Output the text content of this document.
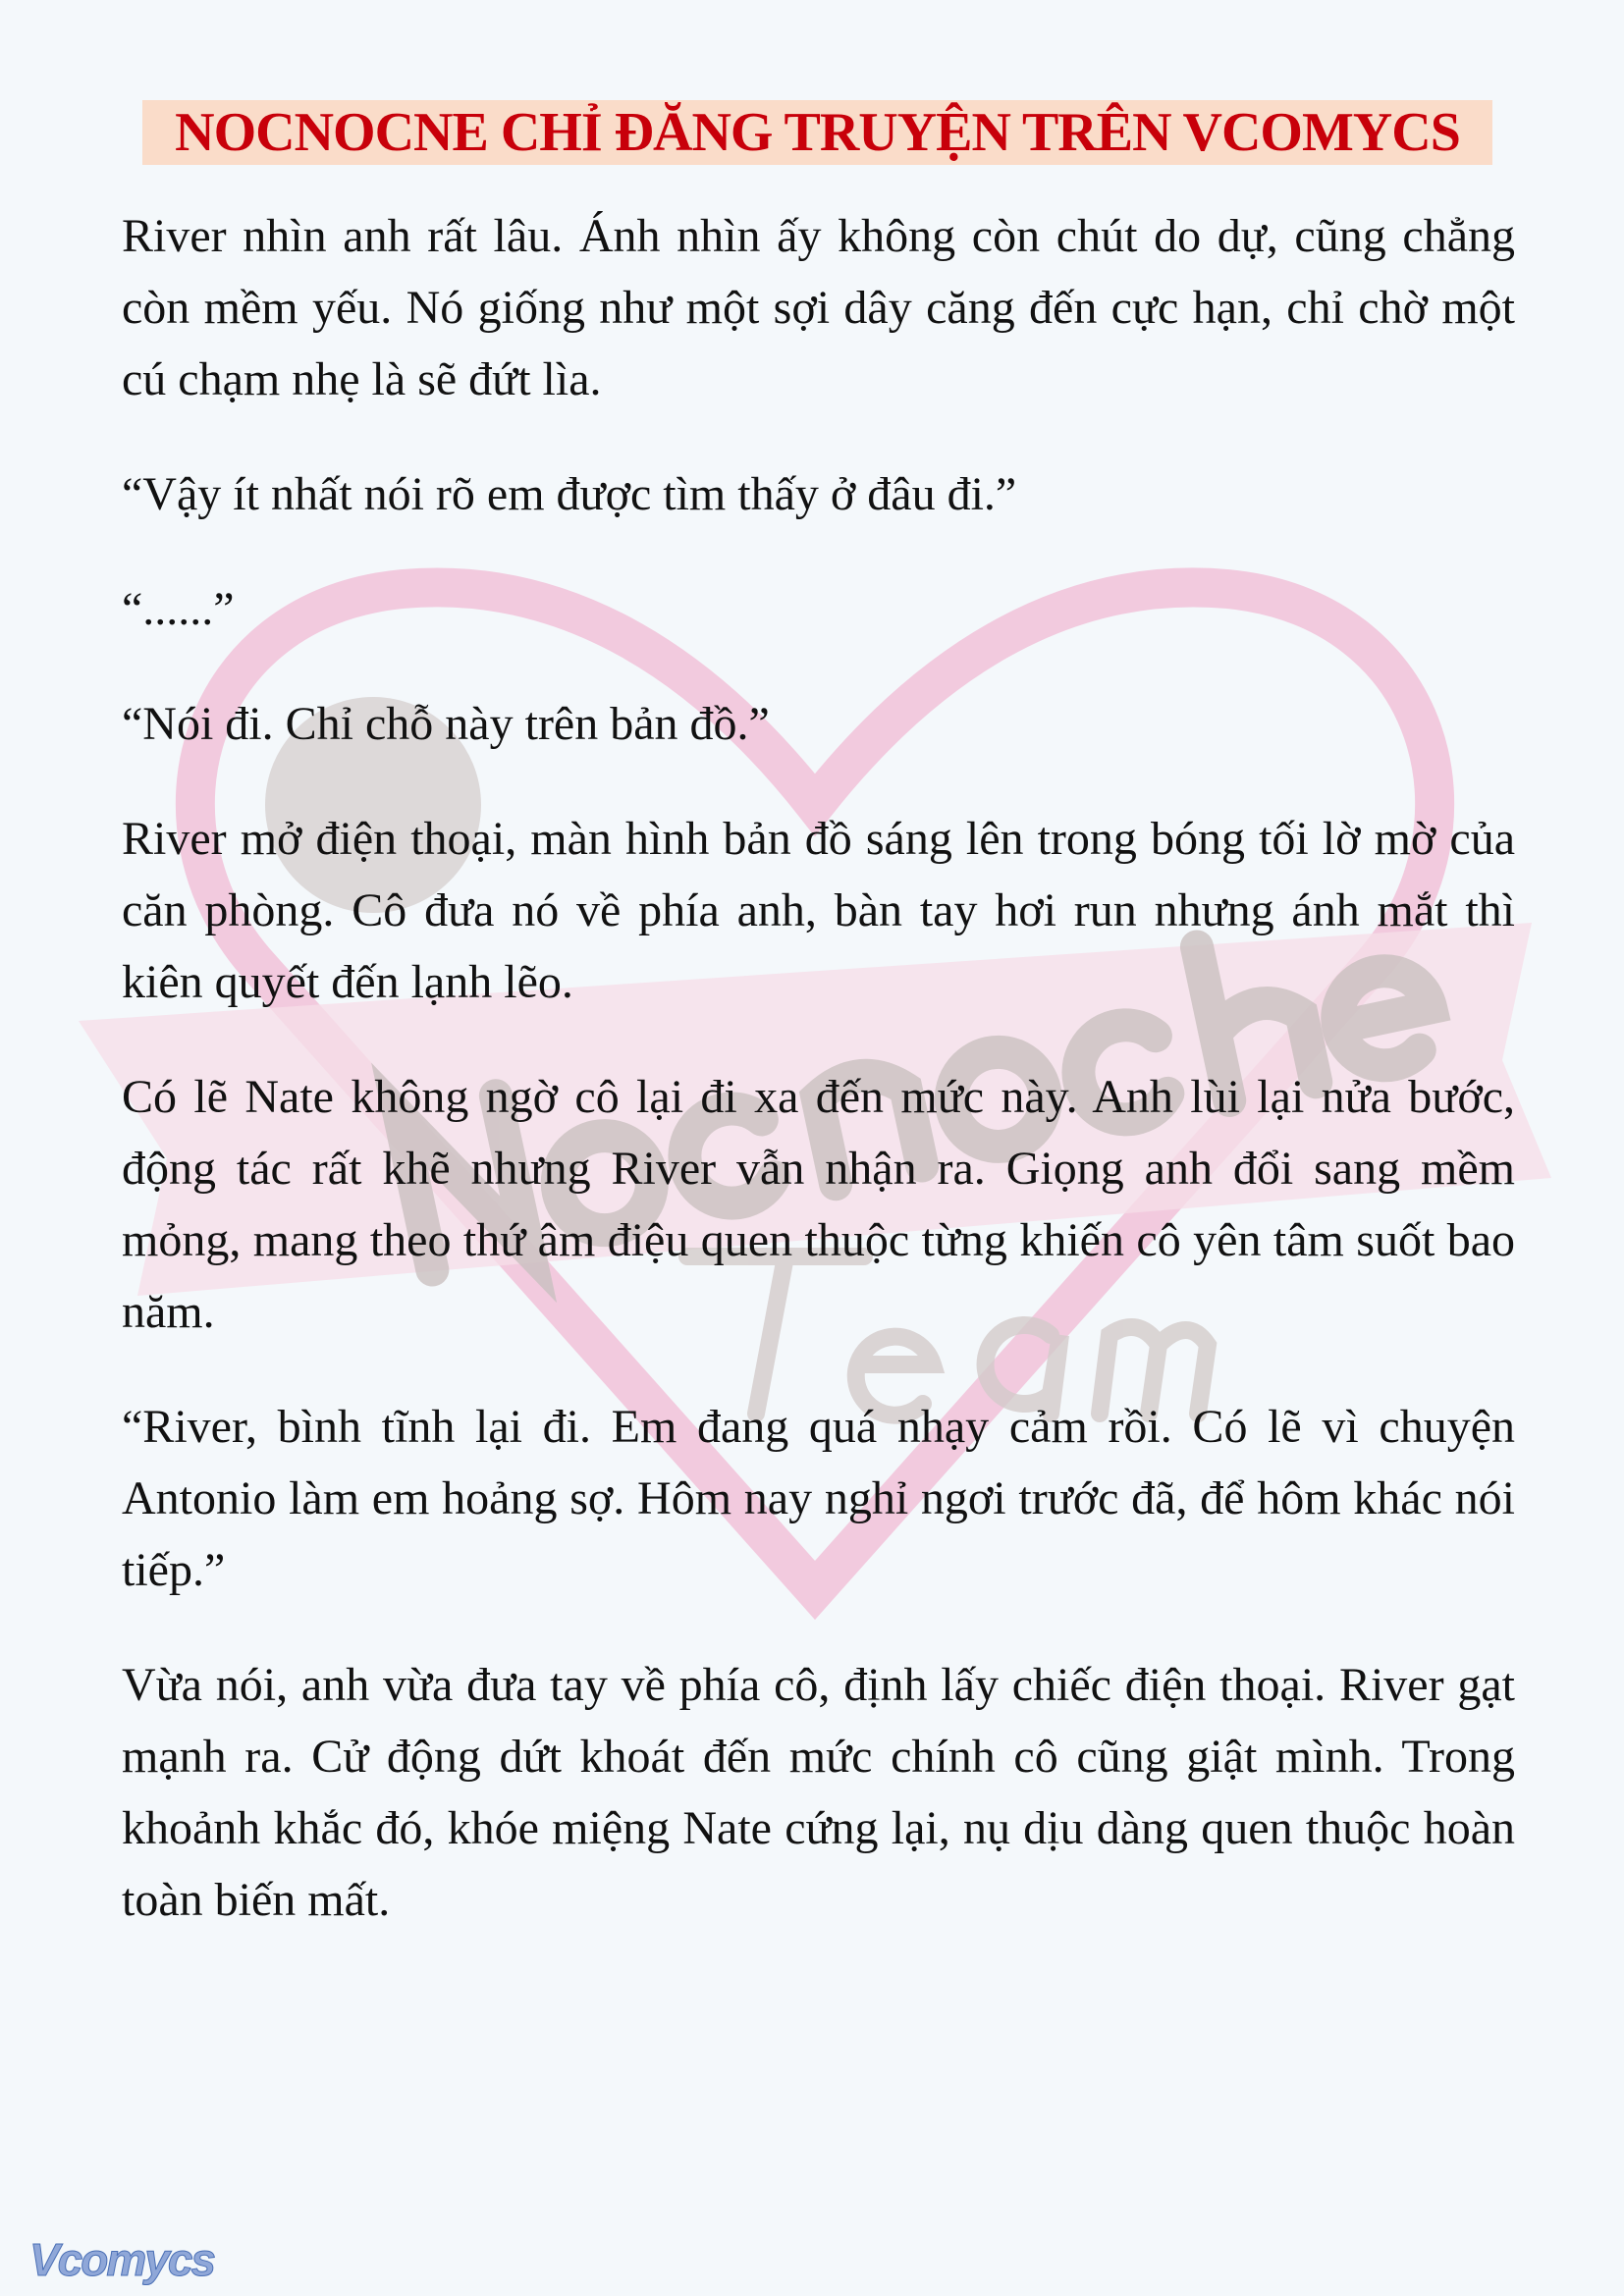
NOCNOCNE CHỈ ĐĂNG TRUYỆN TRÊN VCOMYCS

River nhìn anh rất lâu. Ánh nhìn ấy không còn chút do dự, cũng chẳng còn mềm yếu. Nó giống như một sợi dây căng đến cực hạn, chỉ chờ một cú chạm nhẹ là sẽ đứt lìa.

“Vậy ít nhất nói rõ em được tìm thấy ở đâu đi.”

“......”

“Nói đi. Chỉ chỗ này trên bản đồ.”

River mở điện thoại, màn hình bản đồ sáng lên trong bóng tối lờ mờ của căn phòng. Cô đưa nó về phía anh, bàn tay hơi run nhưng ánh mắt thì kiên quyết đến lạnh lẽo.

Có lẽ Nate không ngờ cô lại đi xa đến mức này. Anh lùi lại nửa bước, động tác rất khẽ nhưng River vẫn nhận ra. Giọng anh đổi sang mềm mỏng, mang theo thứ âm điệu quen thuộc từng khiến cô yên tâm suốt bao năm.

“River, bình tĩnh lại đi. Em đang quá nhạy cảm rồi. Có lẽ vì chuyện Antonio làm em hoảng sợ. Hôm nay nghỉ ngơi trước đã, để hôm khác nói tiếp.”

Vừa nói, anh vừa đưa tay về phía cô, định lấy chiếc điện thoại. River gạt mạnh ra. Cử động dứt khoát đến mức chính cô cũng giật mình. Trong khoảnh khắc đó, khóe miệng Nate cứng lại, nụ dịu dàng quen thuộc hoàn toàn biến mất.

Vcomycs
